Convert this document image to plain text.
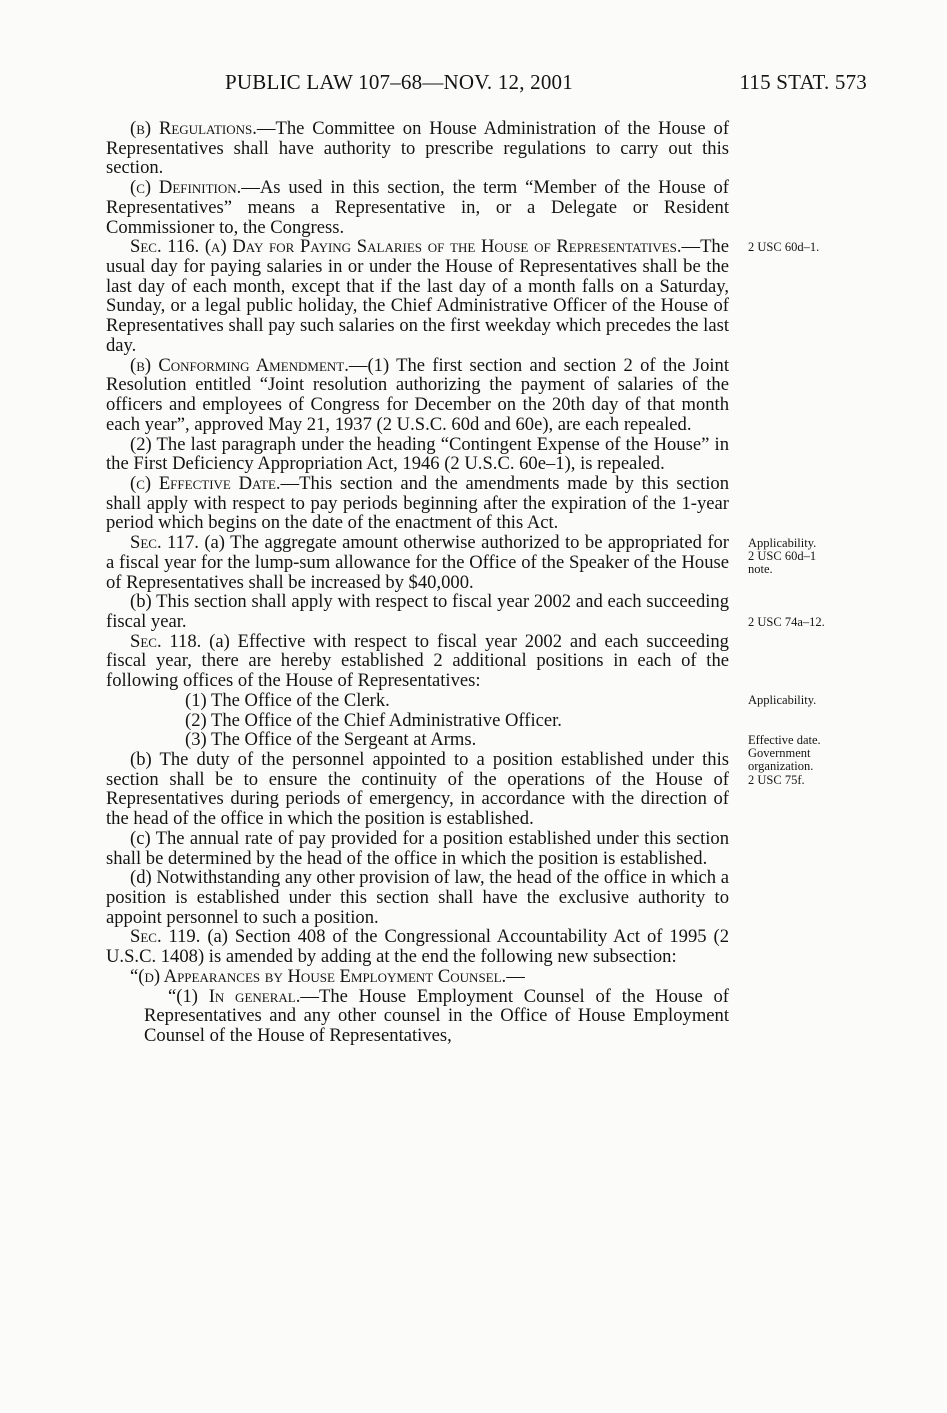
PUBLIC LAW 107–68—NOV. 12, 2001	115 STAT. 573

(b) Regulations.—The Committee on House Administration of the House of Representatives shall have authority to prescribe regulations to carry out this section.

(c) Definition.—As used in this section, the term “Member of the House of Representatives” means a Representative in, or a Delegate or Resident Commissioner to, the Congress.

Sec. 116. (a) Day for Paying Salaries of the House of Representatives.—The usual day for paying salaries in or under the House of Representatives shall be the last day of each month, except that if the last day of a month falls on a Saturday, Sunday, or a legal public holiday, the Chief Administrative Officer of the House of Representatives shall pay such salaries on the first weekday which precedes the last day.

(b) Conforming Amendment.—(1) The first section and section 2 of the Joint Resolution entitled “Joint resolution authorizing the payment of salaries of the officers and employees of Congress for December on the 20th day of that month each year”, approved May 21, 1937 (2 U.S.C. 60d and 60e), are each repealed.

(2) The last paragraph under the heading “Contingent Expense of the House” in the First Deficiency Appropriation Act, 1946 (2 U.S.C. 60e–1), is repealed.

(c) Effective Date.—This section and the amendments made by this section shall apply with respect to pay periods beginning after the expiration of the 1-year period which begins on the date of the enactment of this Act.

Sec. 117. (a) The aggregate amount otherwise authorized to be appropriated for a fiscal year for the lump-sum allowance for the Office of the Speaker of the House of Representatives shall be increased by $40,000.

(b) This section shall apply with respect to fiscal year 2002 and each succeeding fiscal year.

Sec. 118. (a) Effective with respect to fiscal year 2002 and each succeeding fiscal year, there are hereby established 2 additional positions in each of the following offices of the House of Representatives:

(1) The Office of the Clerk.

(2) The Office of the Chief Administrative Officer.

(3) The Office of the Sergeant at Arms.

(b) The duty of the personnel appointed to a position established under this section shall be to ensure the continuity of the operations of the House of Representatives during periods of emergency, in accordance with the direction of the head of the office in which the position is established.

(c) The annual rate of pay provided for a position established under this section shall be determined by the head of the office in which the position is established.

(d) Notwithstanding any other provision of law, the head of the office in which a position is established under this section shall have the exclusive authority to appoint personnel to such a position.

Sec. 119. (a) Section 408 of the Congressional Accountability Act of 1995 (2 U.S.C. 1408) is amended by adding at the end the following new subsection:

“(d) Appearances by House Employment Counsel.—

“(1) In general.—The House Employment Counsel of the House of Representatives and any other counsel in the Office of House Employment Counsel of the House of Representatives,

2 USC 60d–1.
Applicability.
2 USC 60d–1
note.
2 USC 74a–12.
Applicability.
Effective date.
Government
organization.
2 USC 75f.
